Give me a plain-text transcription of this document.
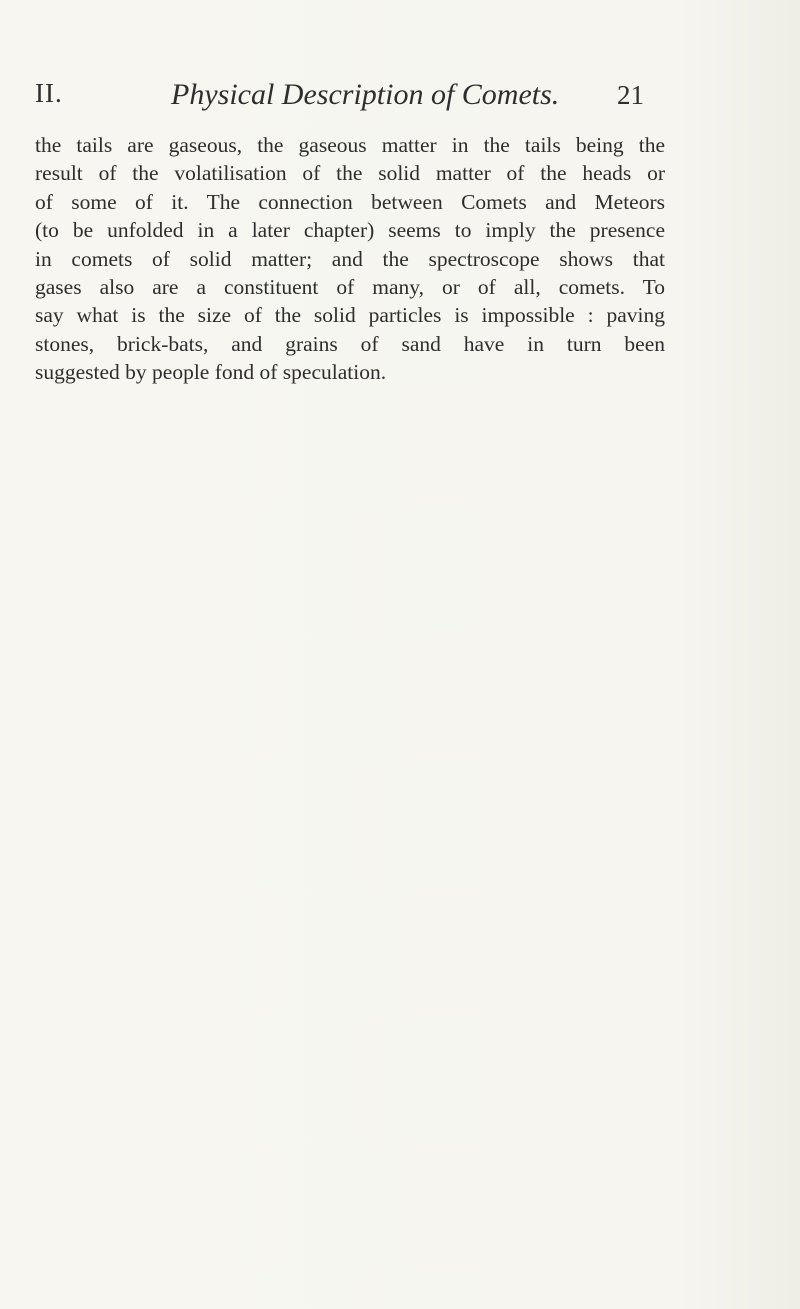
II.	Physical Description of Comets. 21
the tails are gaseous, the gaseous matter in the tails being the
result of the volatilisation of the solid matter of the heads or
of some of it. The connection between Comets and Meteors
(to be unfolded in a later chapter) seems to imply the presence
in comets of solid matter; and the spectroscope shows that
gases also are a constituent of many, or of all, comets. To
say what is the size of the solid particles is impossible : paving
stones, brick-bats, and grains of sand have in turn been
suggested by people fond of speculation.
